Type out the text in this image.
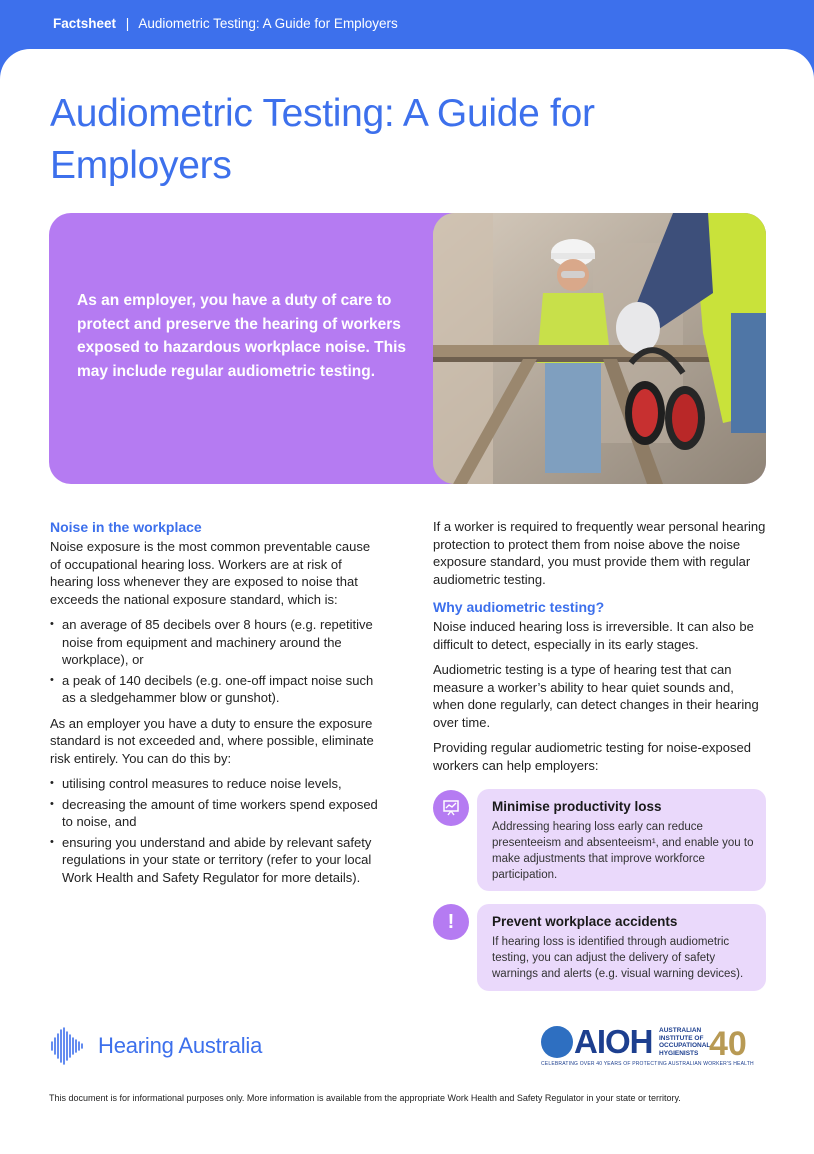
Factsheet | Audiometric Testing: A Guide for Employers
Audiometric Testing: A Guide for
Employers
As an employer, you have a duty of care to protect and preserve the hearing of workers exposed to hazardous workplace noise. This may include regular audiometric testing.
Noise in the workplace

Noise exposure is the most common preventable cause of occupational hearing loss. Workers are at risk of hearing loss whenever they are exposed to noise that exceeds the national exposure standard, which is:

• an average of 85 decibels over 8 hours (e.g. repetitive noise from equipment and machinery around the workplace), or
• a peak of 140 decibels (e.g. one-off impact noise such as a sledgehammer blow or gunshot).

As an employer you have a duty to ensure the exposure standard is not exceeded and, where possible, eliminate risk entirely. You can do this by:

• utilising control measures to reduce noise levels,
• decreasing the amount of time workers spend exposed to noise, and
• ensuring you understand and abide by relevant safety regulations in your state or territory (refer to your local Work Health and Safety Regulator for more details).

If a worker is required to frequently wear personal hearing protection to protect them from noise above the noise exposure standard, you must provide them with regular audiometric testing.

Why audiometric testing?

Noise induced hearing loss is irreversible. It can also be difficult to detect, especially in its early stages.

Audiometric testing is a type of hearing test that can measure a worker’s ability to hear quiet sounds and, when done regularly, can detect changes in their hearing over time.

Providing regular audiometric testing for noise-exposed workers can help employers:

Minimise productivity loss
Addressing hearing loss early can reduce presenteeism and absenteeism¹, and enable you to make adjustments that improve workforce participation.
!	Prevent workplace accidents
If hearing loss is identified through audiometric testing, you can adjust the delivery of safety warnings and alerts (e.g. visual warning devices).
Hearing Australia	AIOH AUSTRALIAN INSTITUTE OF OCCUPATIONAL HYGIENISTS 40
CELEBRATING OVER 40 YEARS OF PROTECTING AUSTRALIAN WORKER'S HEALTH
This document is for informational purposes only. More information is available from the appropriate Work Health and Safety Regulator in your state or territory.
